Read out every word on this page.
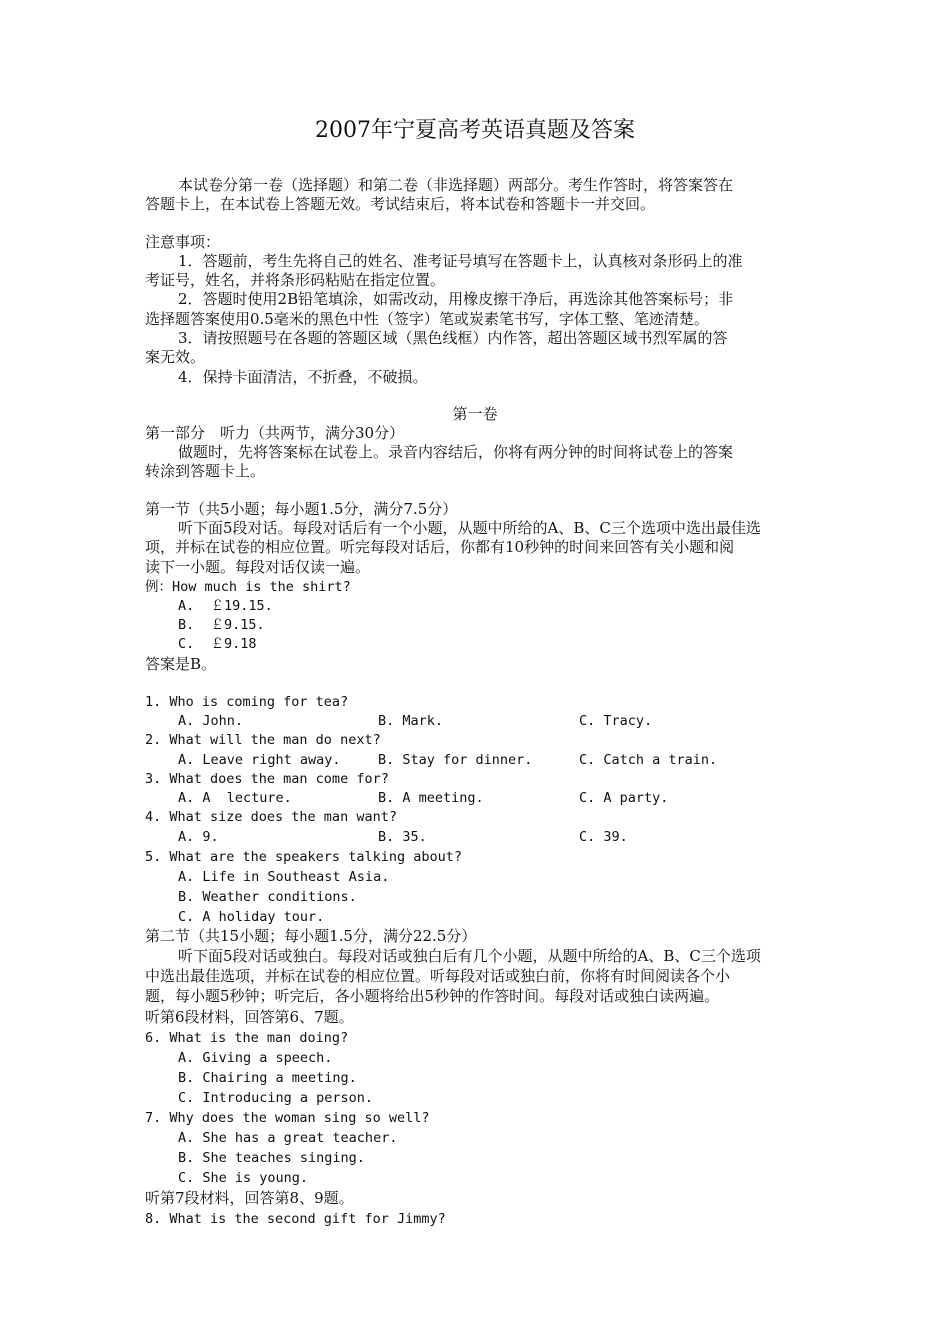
2007年宁夏高考英语真题及答案
本试卷分第一卷（选择题）和第二卷（非选择题）两部分。考生作答时，将答案答在
答题卡上，在本试卷上答题无效。考试结束后，将本试卷和答题卡一并交回。
注意事项：
1．答题前，考生先将自己的姓名、准考证号填写在答题卡上，认真核对条形码上的准
考证号，姓名，并将条形码粘贴在指定位置。
2．答题时使用2B铅笔填涂，如需改动，用橡皮擦干净后，再选涂其他答案标号；非
选择题答案使用0.5毫米的黑色中性（签字）笔或炭素笔书写，字体工整、笔迹清楚。
3．请按照题号在各题的答题区域（黑色线框）内作答，超出答题区域书烈军属的答
案无效。
4．保持卡面清洁，不折叠，不破损。
第一卷
第一部分　听力（共两节，满分30分）
做题时，先将答案标在试卷上。录音内容结后，你将有两分钟的时间将试卷上的答案
转涂到答题卡上。
第一节（共5小题；每小题1.5分，满分7.5分）
听下面5段对话。每段对话后有一个小题，从题中所给的A、B、C三个选项中选出最佳选
项，并标在试卷的相应位置。听完每段对话后，你都有10秒钟的时间来回答有关小题和阅
读下一小题。每段对话仅读一遍。
例：How much is the shirt?
A.  ￡19.15.
B.  ￡9.15.
C.  ￡9.18
答案是B。
1. Who is coming for tea?
A. John.	B. Mark.	C. Tracy.
2. What will the man do next?
A. Leave right away.	B. Stay for dinner.	C. Catch a train.
3. What does the man come for?
A. A  lecture.	B. A meeting.	C. A party.
4. What size does the man want?
A. 9.	B. 35.	C. 39.
5. What are the speakers talking about?
A. Life in Southeast Asia.
B. Weather conditions.
C. A holiday tour.
第二节（共15小题；每小题1.5分，满分22.5分）
听下面5段对话或独白。每段对话或独白后有几个小题，从题中所给的A、B、C三个选项
中选出最佳选项，并标在试卷的相应位置。听每段对话或独白前，你将有时间阅读各个小
题，每小题5秒钟；听完后，各小题将给出5秒钟的作答时间。每段对话或独白读两遍。
听第6段材料，回答第6、7题。
6. What is the man doing?
A. Giving a speech.
B. Chairing a meeting.
C. Introducing a person.
7. Why does the woman sing so well?
A. She has a great teacher.
B. She teaches singing.
C. She is young.
听第7段材料，回答第8、9题。
8. What is the second gift for Jimmy?
